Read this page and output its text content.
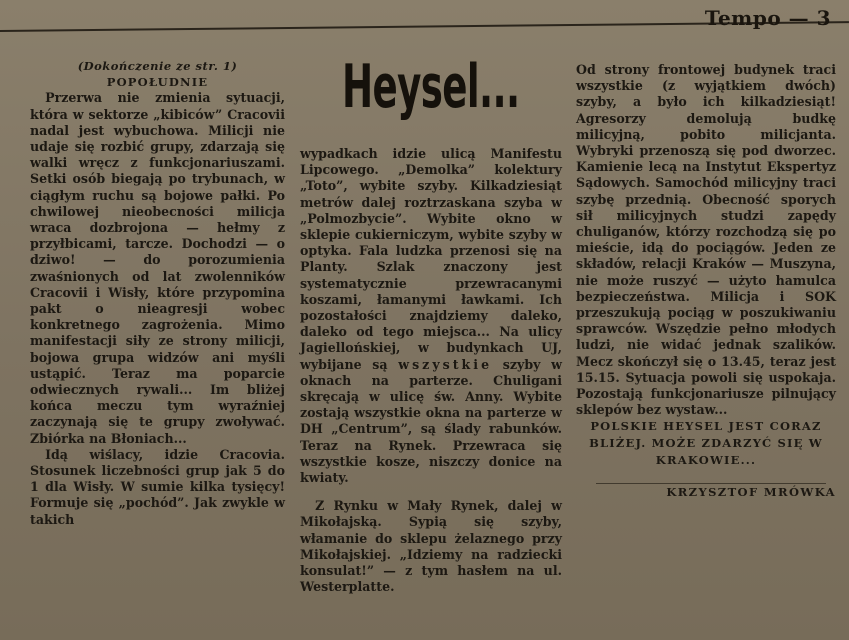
Tempo — 3
Heysel...

(Dokończenie ze str. 1)

POPOŁUDNIE

Przerwa nie zmienia sytuacji, która w sektorze „kibiców” Cracovii nadal jest wybuchowa. Milicji nie udaje się rozbić grupy, zdarzają się walki wręcz z funkcjonariuszami. Setki osób biegają po trybunach, w ciągłym ruchu są bojowe pałki. Po chwilowej nieobecności milicja wraca dozbrojona — hełmy z przyłbicami, tarcze. Dochodzi — o dziwo! — do porozumienia zwaśnionych od lat zwolenników Cracovii i Wisły, które przypomina pakt o nieagresji wobec konkretnego zagrożenia. Mimo manifestacji siły ze strony milicji, bojowa grupa widzów ani myśli ustąpić. Teraz ma poparcie odwiecznych rywali... Im bliżej końca meczu tym wyraźniej zaczynają się te grupy zwoływać. Zbiórka na Błoniach...

Idą wiślacy, idzie Cracovia. Stosunek liczebności grup jak 5 do 1 dla Wisły. W sumie kilka tysięcy! Formuje się „pochód”. Jak zwykle w takich

wypadkach idzie ulicą Manifestu Lipcowego. „Demolka” kolektury „Toto”, wybite szyby. Kilkadziesiąt metrów dalej roztrzaskana szyba w „Polmozbycie”. Wybite okno w sklepie cukierniczym, wybite szyby w optyka. Fala ludzka przenosi się na Planty. Szlak znaczony jest systematycznie przewracanymi koszami, łamanymi ławkami. Ich pozostałości znajdziemy daleko, daleko od tego miejsca... Na ulicy Jagiellońskiej, w budynkach UJ, wybijane są wszystkie szyby w oknach na parterze. Chuligani skręcają w ulicę św. Anny. Wybite zostają wszystkie okna na parterze w DH „Centrum”, są ślady rabunków. Teraz na Rynek. Przewraca się wszystkie kosze, niszczy donice na kwiaty.

Z Rynku w Mały Rynek, dalej w Mikołajską. Sypią się szyby, włamanie do sklepu żelaznego przy Mikołajskiej. „Idziemy na radziecki konsulat!” — z tym hasłem na ul. Westerplatte.

Od strony frontowej budynek traci wszystkie (z wyjątkiem dwóch) szyby, a było ich kilkadziesiąt! Agresorzy demolują budkę milicyjną, pobito milicjanta. Wybryki przenoszą się pod dworzec. Kamienie lecą na Instytut Ekspertyz Sądowych. Samochód milicyjny traci szybę przednią. Obecność sporych sił milicyjnych studzi zapędy chuliganów, którzy rozchodzą się po mieście, idą do pociągów. Jeden ze składów, relacji Kraków — Muszyna, nie może ruszyć — użyto hamulca bezpieczeństwa. Milicja i SOK przeszukują pociąg w poszukiwaniu sprawców. Wszędzie pełno młodych ludzi, nie widać jednak szalików. Mecz skończył się o 13.45, teraz jest 15.15. Sytuacja powoli się uspokaja. Pozostają funkcjonariusze pilnujący sklepów bez wystaw...

POLSKIE HEYSEL JEST CORAZ BLIŻEJ. MOŻE ZDARZYĆ SIĘ W KRAKOWIE...

KRZYSZTOF MRÓWKA
